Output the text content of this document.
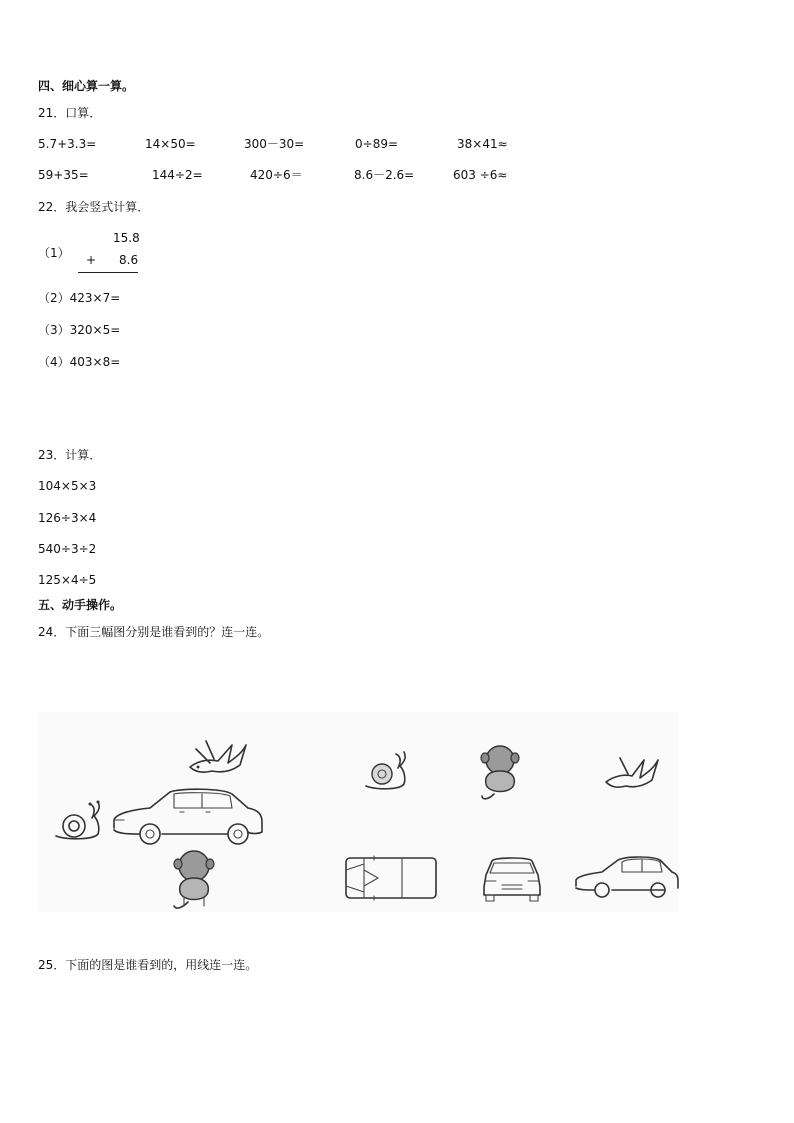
四、细心算一算。
21．口算．
5.7+3.3=	14×50=	300－30=	0÷89=	38×41≈
59+35=	144÷2=	420÷6＝	8.6－2.6=	603 ÷6≈
22．我会竖式计算．
（1）
15.8
+ 8.6
（2）423×7=
（3）320×5=
（4）403×8=
23．计算．
104×5×3
126÷3×4
540÷3÷2
125×4÷5
五、动手操作。
24．下面三幅图分别是谁看到的？连一连。
25．下面的图是谁看到的，用线连一连。
